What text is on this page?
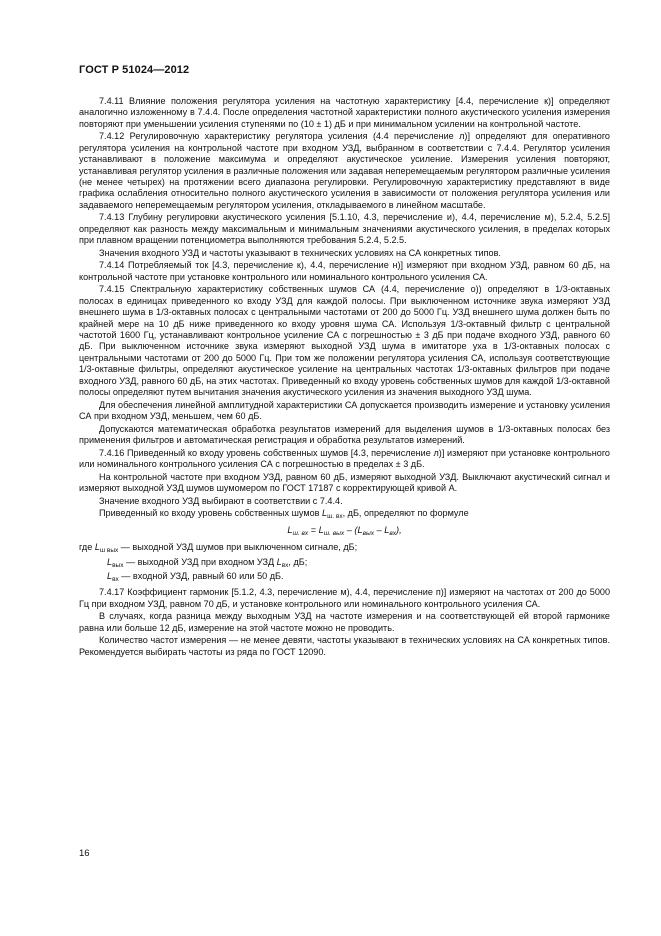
ГОСТ Р 51024—2012

7.4.11 Влияние положения регулятора усиления на частотную характеристику [4.4, перечисление к)] определяют аналогично изложенному в 7.4.4. После определения частотной характеристики полного акустического усиления измерения повторяют при уменьшении усиления ступенями по (10 ± 1) дБ и при минимальном усилении на контрольной частоте.

7.4.12 Регулировочную характеристику регулятора усиления (4.4 перечисление л)] определяют для оперативного регулятора усиления на контрольной частоте при входном УЗД, выбранном в соответствии с 7.4.4. Регулятор усиления устанавливают в положение максимума и определяют акустическое усиление. Измерения усиления повторяют, устанавливая регулятор усиления в различные положения или задавая неперемещаемым регулятором различные усиления (не менее четырех) на протяжении всего диапазона регулировки. Регулировочную характеристику представляют в виде графика ослабления относительно полного акустического усиления в зависимости от положения регулятора усиления или задаваемого неперемещаемым регулятором усиления, откладываемого в линейном масштабе.

7.4.13 Глубину регулировки акустического усиления [5.1.10, 4.3, перечисление и), 4.4, перечисление м), 5.2.4, 5.2.5] определяют как разность между максимальным и минимальным значениями акустического усиления, в пределах которых при плавном вращении потенциометра выполняются требования 5.2.4, 5.2.5.

Значения входного УЗД и частоты указывают в технических условиях на СА конкретных типов.

7.4.14 Потребляемый ток [4.3, перечисление к), 4.4, перечисление н)] измеряют при входном УЗД, равном 60 дБ, на контрольной частоте при установке контрольного или номинального контрольного усиления СА.

7.4.15 Спектральную характеристику собственных шумов СА (4.4, перечисление о)) определяют в 1/3-октавных полосах в единицах приведенного ко входу УЗД для каждой полосы. При выключенном источнике звука измеряют УЗД внешнего шума в 1/3-октавных полосах с центральными частотами от 200 до 5000 Гц. УЗД внешнего шума должен быть по крайней мере на 10 дБ ниже приведенного ко входу уровня шума СА. Используя 1/3-октавный фильтр с центральной частотой 1600 Гц, устанавливают контрольное усиление СА с погрешностью ± 3 дБ при подаче входного УЗД, равного 60 дБ. При выключенном источнике звука измеряют выходной УЗД шума в имитаторе уха в 1/3-октавных полосах с центральными частотами от 200 до 5000 Гц. При том же положении регулятора усиления СА, используя соответствующие 1/3-октавные фильтры, определяют акустическое усиление на центральных частотах 1/3-октавных фильтров при подаче входного УЗД, равного 60 дБ, на этих частотах. Приведенный ко входу уровень собственных шумов для каждой 1/3-октавной полосы определяют путем вычитания значения акустического усиления из значения выходного УЗД шума.

Для обеспечения линейной амплитудной характеристики СА допускается производить измерение и установку усиления СА при входном УЗД, меньшем, чем 60 дБ.

Допускаются математическая обработка результатов измерений для выделения шумов в 1/3-октавных полосах без применения фильтров и автоматическая регистрация и обработка результатов измерений.

7.4.16 Приведенный ко входу уровень собственных шумов [4.3, перечисление л)] измеряют при установке контрольного или номинального контрольного усиления СА с погрешностью в пределах ± 3 дБ.

На контрольной частоте при входном УЗД, равном 60 дБ, измеряют выходной УЗД. Выключают акустический сигнал и измеряют выходной УЗД шумов шумомером по ГОСТ 17187 с корректирующей кривой А.

Значение входного УЗД выбирают в соответствии с 7.4.4.

Приведенный ко входу уровень собственных шумов $L_{ш. вх}$, дБ, определяют по формуле

$L_{ш. вх} = L_{ш. вых} - (L_{вых} - L_{вх})$,

где $L_{ш вых}$ — выходной УЗД шумов при выключенном сигнале, дБ;

$L_{вых}$ — выходной УЗД при входном УЗД $L_{вх}$, дБ;

$L_{вх}$ — входной УЗД, равный 60 или 50 дБ.

7.4.17 Коэффициент гармоник [5.1.2, 4.3, перечисление м), 4.4, перечисление п)] измеряют на частотах от 200 до 5000 Гц при входном УЗД, равном 70 дБ, и установке контрольного или номинального контрольного усиления СА.

В случаях, когда разница между выходным УЗД на частоте измерения и на соответствующей ей второй гармонике равна или больше 12 дБ, измерение на этой частоте можно не проводить.

Количество частот измерения — не менее девяти, частоты указывают в технических условиях на СА конкретных типов. Рекомендуется выбирать частоты из ряда по ГОСТ 12090.

16
